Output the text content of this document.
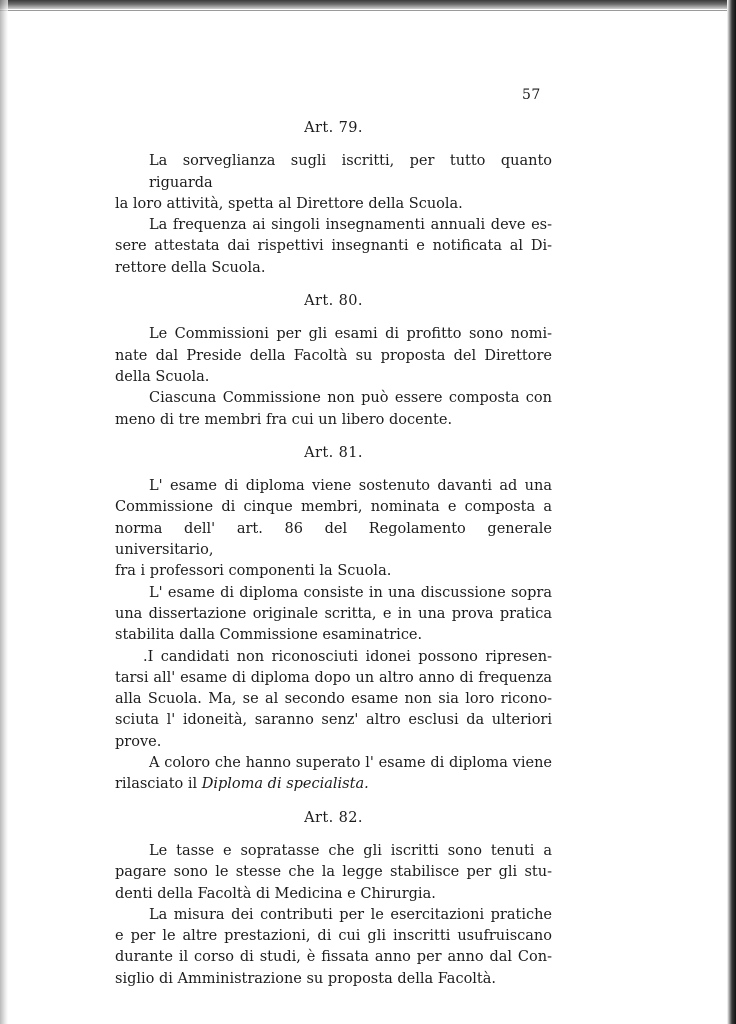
57
Art. 79.
La sorveglianza sugli iscritti, per tutto quanto riguarda
la loro attività, spetta al Direttore della Scuola.
La frequenza ai singoli insegnamenti annuali deve es-
sere attestata dai rispettivi insegnanti e notificata al Di-
rettore della Scuola.
Art. 80.
Le Commissioni per gli esami di profitto sono nomi-
nate dal Preside della Facoltà su proposta del Direttore
della Scuola.
Ciascuna Commissione non può essere composta con
meno di tre membri fra cui un libero docente.
Art. 81.
L' esame di diploma viene sostenuto davanti ad una
Commissione di cinque membri, nominata e composta a
norma dell' art. 86 del Regolamento generale universitario,
fra i professori componenti la Scuola.
L' esame di diploma consiste in una discussione sopra
una dissertazione originale scritta, e in una prova pratica
stabilita dalla Commissione esaminatrice.
.I candidati non riconosciuti idonei possono ripresen-
tarsi all' esame di diploma dopo un altro anno di frequenza
alla Scuola. Ma, se al secondo esame non sia loro ricono-
sciuta l' idoneità, saranno senz' altro esclusi da ulteriori
prove.
A coloro che hanno superato l' esame di diploma viene
rilasciato il Diploma di specialista.
Art. 82.
Le tasse e sopratasse che gli iscritti sono tenuti a
pagare sono le stesse che la legge stabilisce per gli stu-
denti della Facoltà di Medicina e Chirurgia.
La misura dei contributi per le esercitazioni pratiche
e per le altre prestazioni, di cui gli inscritti usufruiscano
durante il corso di studi, è fissata anno per anno dal Con-
siglio di Amministrazione su proposta della Facoltà.
